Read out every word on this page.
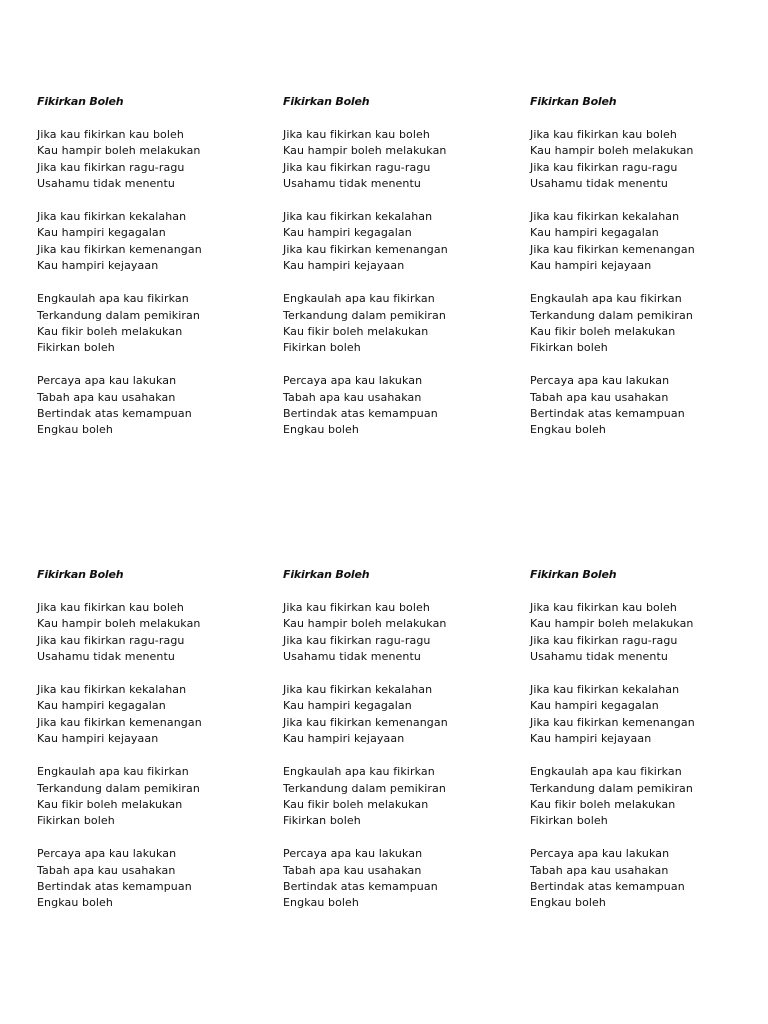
Fikirkan Boleh
Jika kau fikirkan kau boleh
Kau hampir boleh melakukan
Jika kau fikirkan ragu-ragu
Usahamu tidak menentu
Jika kau fikirkan kekalahan
Kau hampiri kegagalan
Jika kau fikirkan kemenangan
Kau hampiri kejayaan
Engkaulah apa kau fikirkan
Terkandung dalam pemikiran
Kau fikir boleh melakukan
Fikirkan boleh
Percaya apa kau lakukan
Tabah apa kau usahakan
Bertindak atas kemampuan
Engkau boleh
Fikirkan Boleh
Jika kau fikirkan kau boleh
Kau hampir boleh melakukan
Jika kau fikirkan ragu-ragu
Usahamu tidak menentu
Jika kau fikirkan kekalahan
Kau hampiri kegagalan
Jika kau fikirkan kemenangan
Kau hampiri kejayaan
Engkaulah apa kau fikirkan
Terkandung dalam pemikiran
Kau fikir boleh melakukan
Fikirkan boleh
Percaya apa kau lakukan
Tabah apa kau usahakan
Bertindak atas kemampuan
Engkau boleh
Fikirkan Boleh
Jika kau fikirkan kau boleh
Kau hampir boleh melakukan
Jika kau fikirkan ragu-ragu
Usahamu tidak menentu
Jika kau fikirkan kekalahan
Kau hampiri kegagalan
Jika kau fikirkan kemenangan
Kau hampiri kejayaan
Engkaulah apa kau fikirkan
Terkandung dalam pemikiran
Kau fikir boleh melakukan
Fikirkan boleh
Percaya apa kau lakukan
Tabah apa kau usahakan
Bertindak atas kemampuan
Engkau boleh
Fikirkan Boleh
Jika kau fikirkan kau boleh
Kau hampir boleh melakukan
Jika kau fikirkan ragu-ragu
Usahamu tidak menentu
Jika kau fikirkan kekalahan
Kau hampiri kegagalan
Jika kau fikirkan kemenangan
Kau hampiri kejayaan
Engkaulah apa kau fikirkan
Terkandung dalam pemikiran
Kau fikir boleh melakukan
Fikirkan boleh
Percaya apa kau lakukan
Tabah apa kau usahakan
Bertindak atas kemampuan
Engkau boleh
Fikirkan Boleh
Jika kau fikirkan kau boleh
Kau hampir boleh melakukan
Jika kau fikirkan ragu-ragu
Usahamu tidak menentu
Jika kau fikirkan kekalahan
Kau hampiri kegagalan
Jika kau fikirkan kemenangan
Kau hampiri kejayaan
Engkaulah apa kau fikirkan
Terkandung dalam pemikiran
Kau fikir boleh melakukan
Fikirkan boleh
Percaya apa kau lakukan
Tabah apa kau usahakan
Bertindak atas kemampuan
Engkau boleh
Fikirkan Boleh
Jika kau fikirkan kau boleh
Kau hampir boleh melakukan
Jika kau fikirkan ragu-ragu
Usahamu tidak menentu
Jika kau fikirkan kekalahan
Kau hampiri kegagalan
Jika kau fikirkan kemenangan
Kau hampiri kejayaan
Engkaulah apa kau fikirkan
Terkandung dalam pemikiran
Kau fikir boleh melakukan
Fikirkan boleh
Percaya apa kau lakukan
Tabah apa kau usahakan
Bertindak atas kemampuan
Engkau boleh
